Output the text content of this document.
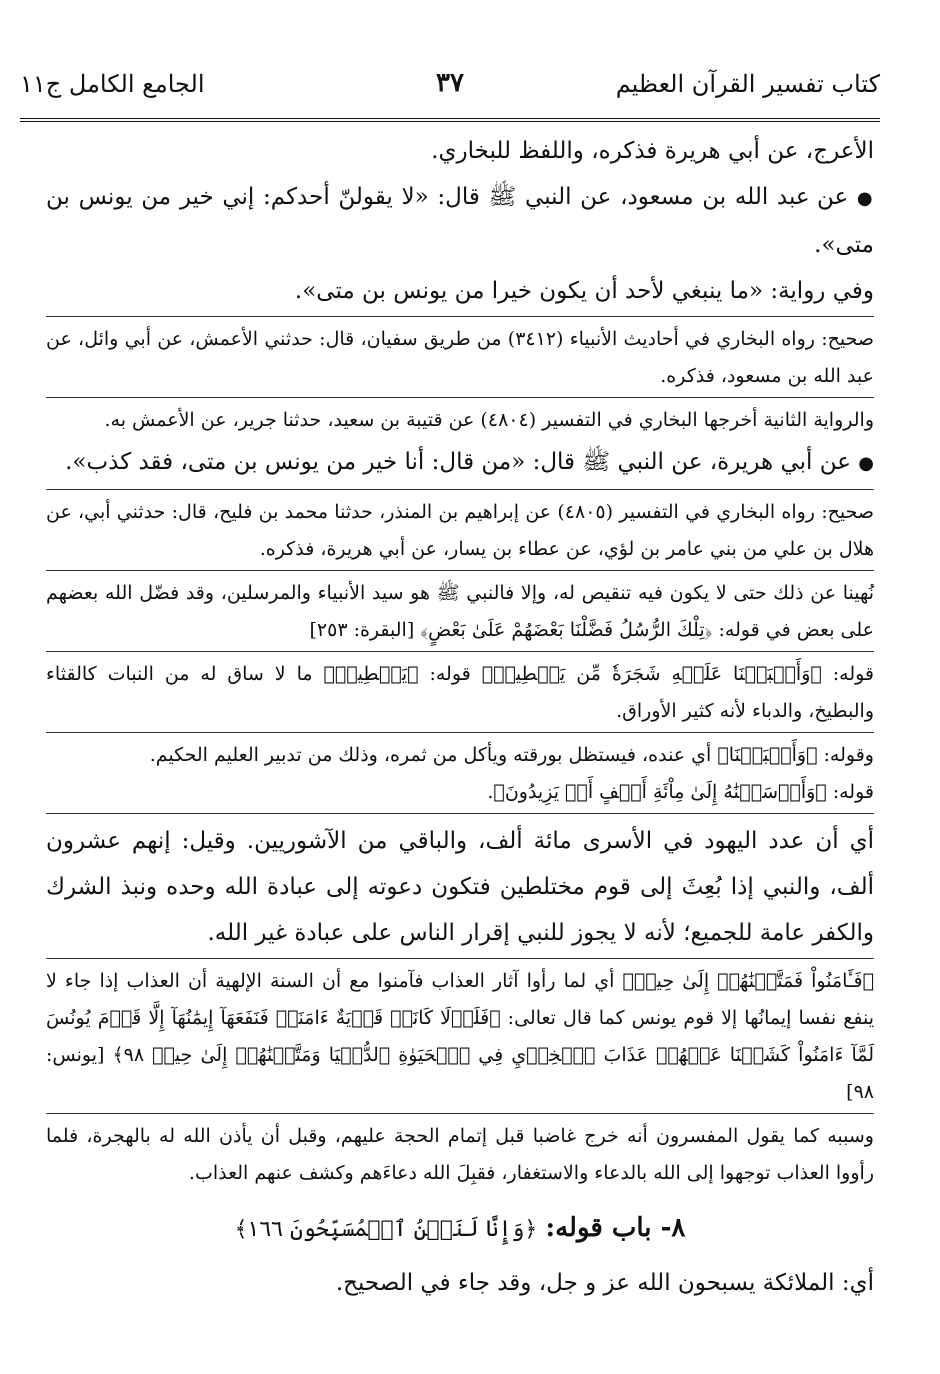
كتاب تفسير القرآن العظيم
٣٧
الجامع الكامل ج١١

الأعرج، عن أبي هريرة فذكره، واللفظ للبخاري.

● عن عبد الله بن مسعود، عن النبي ﷺ قال: «لا يقولنّ أحدكم: إني خير من يونس بن متى».

وفي رواية: «ما ينبغي لأحد أن يكون خيرا من يونس بن متى».

صحيح: رواه البخاري في أحاديث الأنبياء (٣٤١٢) من طريق سفيان، قال: حدثني الأعمش، عن أبي وائل، عن عبد الله بن مسعود، فذكره.

والرواية الثانية أخرجها البخاري في التفسير (٤٨٠٤) عن قتيبة بن سعيد، حدثنا جرير، عن الأعمش به.

● عن أبي هريرة، عن النبي ﷺ قال: «من قال: أنا خير من يونس بن متى، فقد كذب».

صحيح: رواه البخاري في التفسير (٤٨٠٥) عن إبراهيم بن المنذر، حدثنا محمد بن فليح، قال: حدثني أبي، عن هلال بن علي من بني عامر بن لؤي، عن عطاء بن يسار، عن أبي هريرة، فذكره.

نُهينا عن ذلك حتى لا يكون فيه تنقيص له، وإلا فالنبي ﷺ هو سيد الأنبياء والمرسلين، وقد فضّل الله بعضهم على بعض في قوله: ﴿تِلْكَ الرُّسُلُ فَضَّلْنَا بَعْضَهُمْ عَلَىٰ بَعْضٍ﴾ [البقرة: ٢٥٣]

قوله: ﴿وَأَنۢبَتۡنَا عَلَيۡهِ شَجَرَةٗ مِّن يَقۡطِينٖ﴾ قوله: ﴿يَقۡطِينٖ﴾ ما لا ساق له من النبات كالقثاء والبطيخ، والدباء لأنه كثير الأوراق.

وقوله: ﴿وَأَنۢبَتۡنَا﴾ أي عنده، فيستظل بورقته ويأكل من ثمره، وذلك من تدبير العليم الحكيم.

قوله: ﴿وَأَرۡسَلۡنَٰهُ إِلَىٰ مِاْئَةِ أَلۡفٍ أَوۡ يَزِيدُونَ﴾.

أي أن عدد اليهود في الأسرى مائة ألف، والباقي من الآشوريين. وقيل: إنهم عشرون ألف، والنبي إذا بُعِثَ إلى قوم مختلطين فتكون دعوته إلى عبادة الله وحده ونبذ الشرك والكفر عامة للجميع؛ لأنه لا يجوز للنبي إقرار الناس على عبادة غير الله.

﴿فَـَٔامَنُواْ فَمَتَّعۡنَٰهُمۡ إِلَىٰ حِينٖ﴾ أي لما رأوا آثار العذاب فآمنوا مع أن السنة الإلهية أن العذاب إذا جاء لا ينفع نفسا إيمانُها إلا قوم يونس كما قال تعالى: ﴿فَلَوۡلَا كَانَتۡ قَرۡيَةٌ ءَامَنَتۡ فَنَفَعَهَآ إِيمَٰنُهَآ إِلَّا قَوۡمَ يُونُسَ لَمَّآ ءَامَنُواْ كَشَفۡنَا عَنۡهُمۡ عَذَابَ ٱلۡخِزۡيِ فِي ٱلۡحَيَوٰةِ ٱلدُّنۡيَا وَمَتَّعۡنَٰهُمۡ إِلَىٰ حِينٖ ٩٨﴾ [يونس: ٩٨]

وسببه كما يقول المفسرون أنه خرج غاضبا قبل إتمام الحجة عليهم، وقبل أن يأذن الله له بالهجرة، فلما رأووا العذاب توجهوا إلى الله بالدعاء والاستغفار، فقبِلَ الله دعاءَهم وكشف عنهم العذاب.

٨- باب قوله: ﴿وَإِنَّا لَنَحۡنُ ٱلۡمُسَبِّحُونَ ١٦٦﴾

أي: الملائكة يسبحون الله عز و جل، وقد جاء في الصحيح.
